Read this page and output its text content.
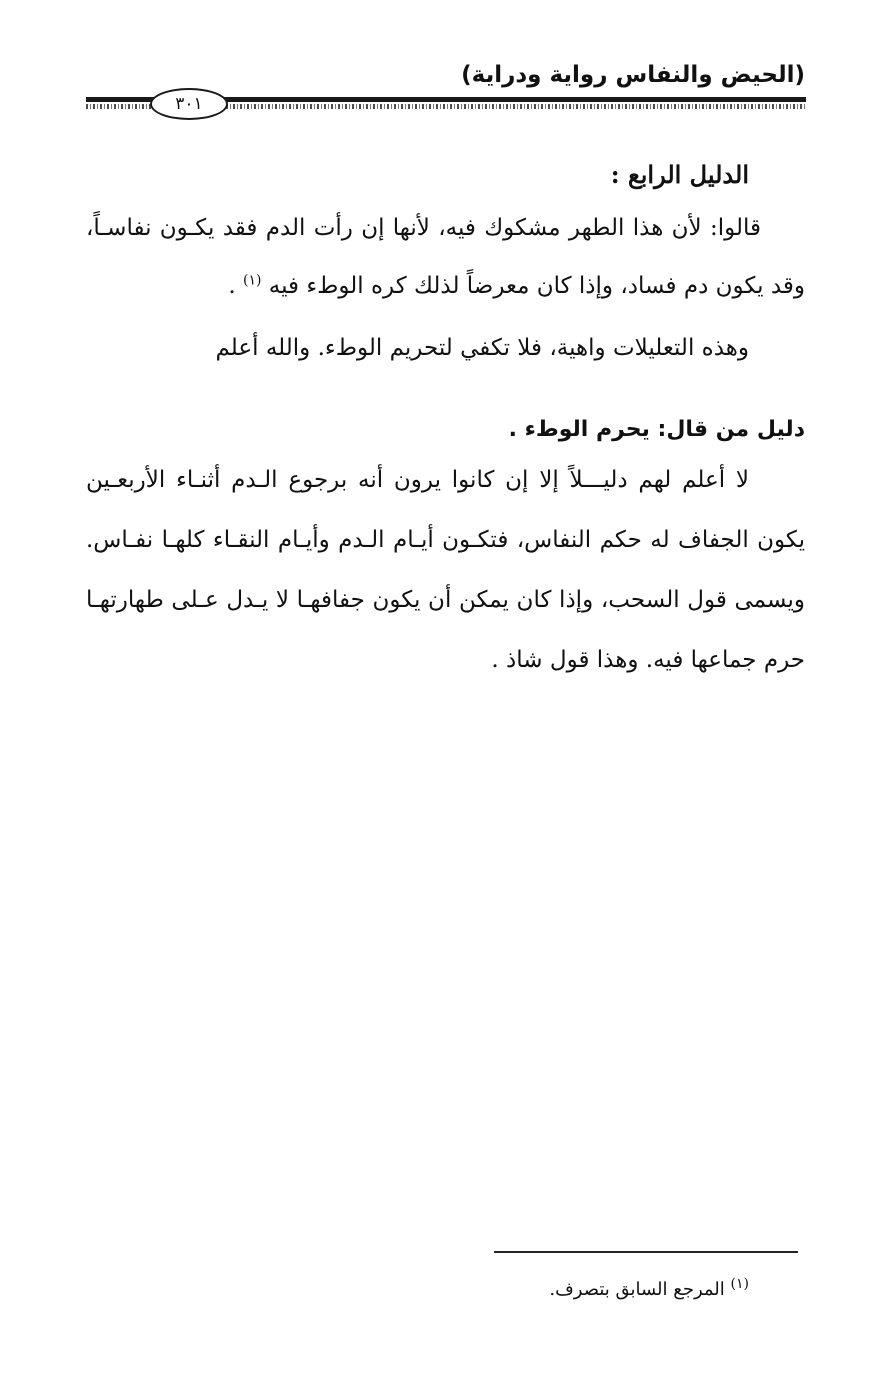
(الحيض والنفاس رواية ودراية)
٣٠١
الدليل الرابع :
قالوا: لأن هذا الطهر مشكوك فيه، لأنها إن رأت الدم فقد يكـون نفاسـاً،
وقد يكون دم فساد، وإذا كان معرضاً لذلك كره الوطء فيه $^{(١)}$ .
وهذه التعليلات واهية، فلا تكفي لتحريم الوطء. والله أعلم
دليل من قال: يحرم الوطء .
لا أعلم لهم دليـــلاً إلا إن كانوا يرون أنه برجوع الـدم أثنـاء الأربعـين
يكون الجفاف له حكم النفاس، فتكـون أيـام الـدم وأيـام النقـاء كلهـا نفـاس.
ويسمى قول السحب، وإذا كان يمكن أن يكون جفافهـا لا يـدل عـلى طهارتهـا
حرم جماعها فيه. وهذا قول شاذ .
$^{(١)}$ المرجع السابق بتصرف.
